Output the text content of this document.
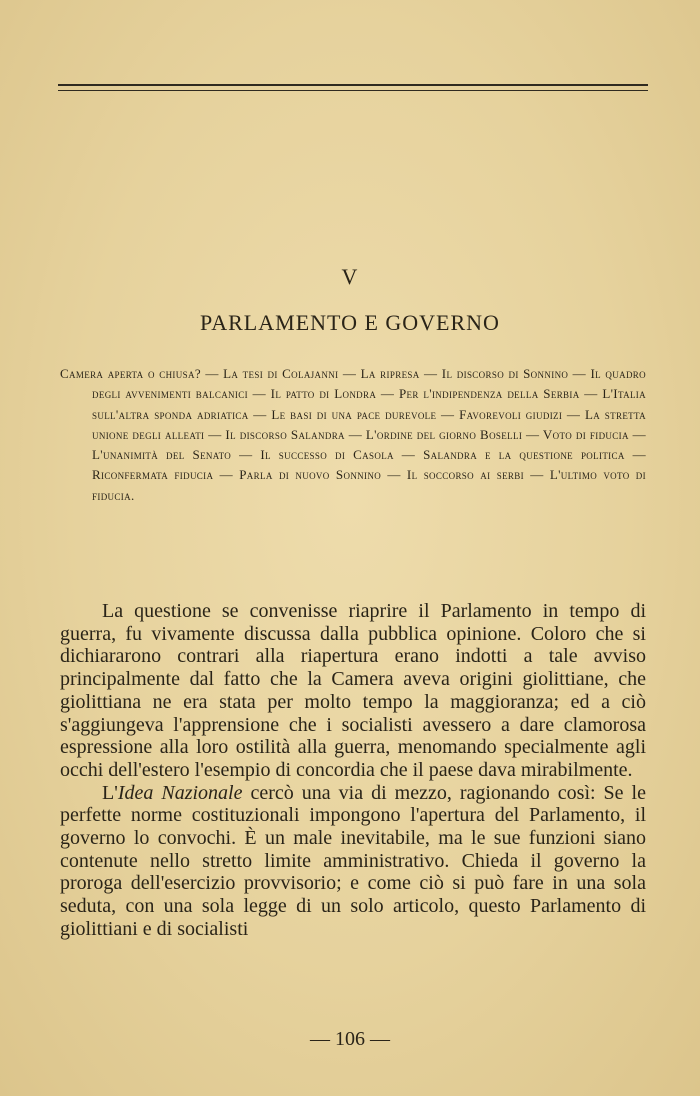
V
PARLAMENTO E GOVERNO
Camera aperta o chiusa? — La tesi di Colajanni — La ripresa — Il discorso di Sonnino — Il quadro degli avvenimenti balcanici — Il patto di Londra — Per l'indipendenza della Serbia — L'Italia sull'altra sponda adriatica — Le basi di una pace durevole — Favorevoli giudizi — La stretta unione degli alleati — Il discorso Salandra — L'ordine del giorno Boselli — Voto di fiducia — L'unanimità del Senato — Il successo di Casola — Salandra e la questione politica — Riconfermata fiducia — Parla di nuovo Sonnino — Il soccorso ai serbi — L'ultimo voto di fiducia.

La questione se convenisse riaprire il Parlamento in tempo di guerra, fu vivamente discussa dalla pubblica opinione. Coloro che si dichiararono contrari alla riapertura erano indotti a tale avviso principalmente dal fatto che la Camera aveva origini giolittiane, che giolittiana ne era stata per molto tempo la maggioranza; ed a ciò s'aggiungeva l'apprensione che i socialisti avessero a dare clamorosa espressione alla loro ostilità alla guerra, menomando specialmente agli occhi dell'estero l'esempio di concordia che il paese dava mirabilmente.

L'Idea Nazionale cercò una via di mezzo, ragionando così: Se le perfette norme costituzionali impongono l'apertura del Parlamento, il governo lo convochi. È un male inevitabile, ma le sue funzioni siano contenute nello stretto limite amministrativo. Chieda il governo la proroga dell'esercizio provvisorio; e come ciò si può fare in una sola seduta, con una sola legge di un solo articolo, questo Parlamento di giolittiani e di socialisti

— 106 —
